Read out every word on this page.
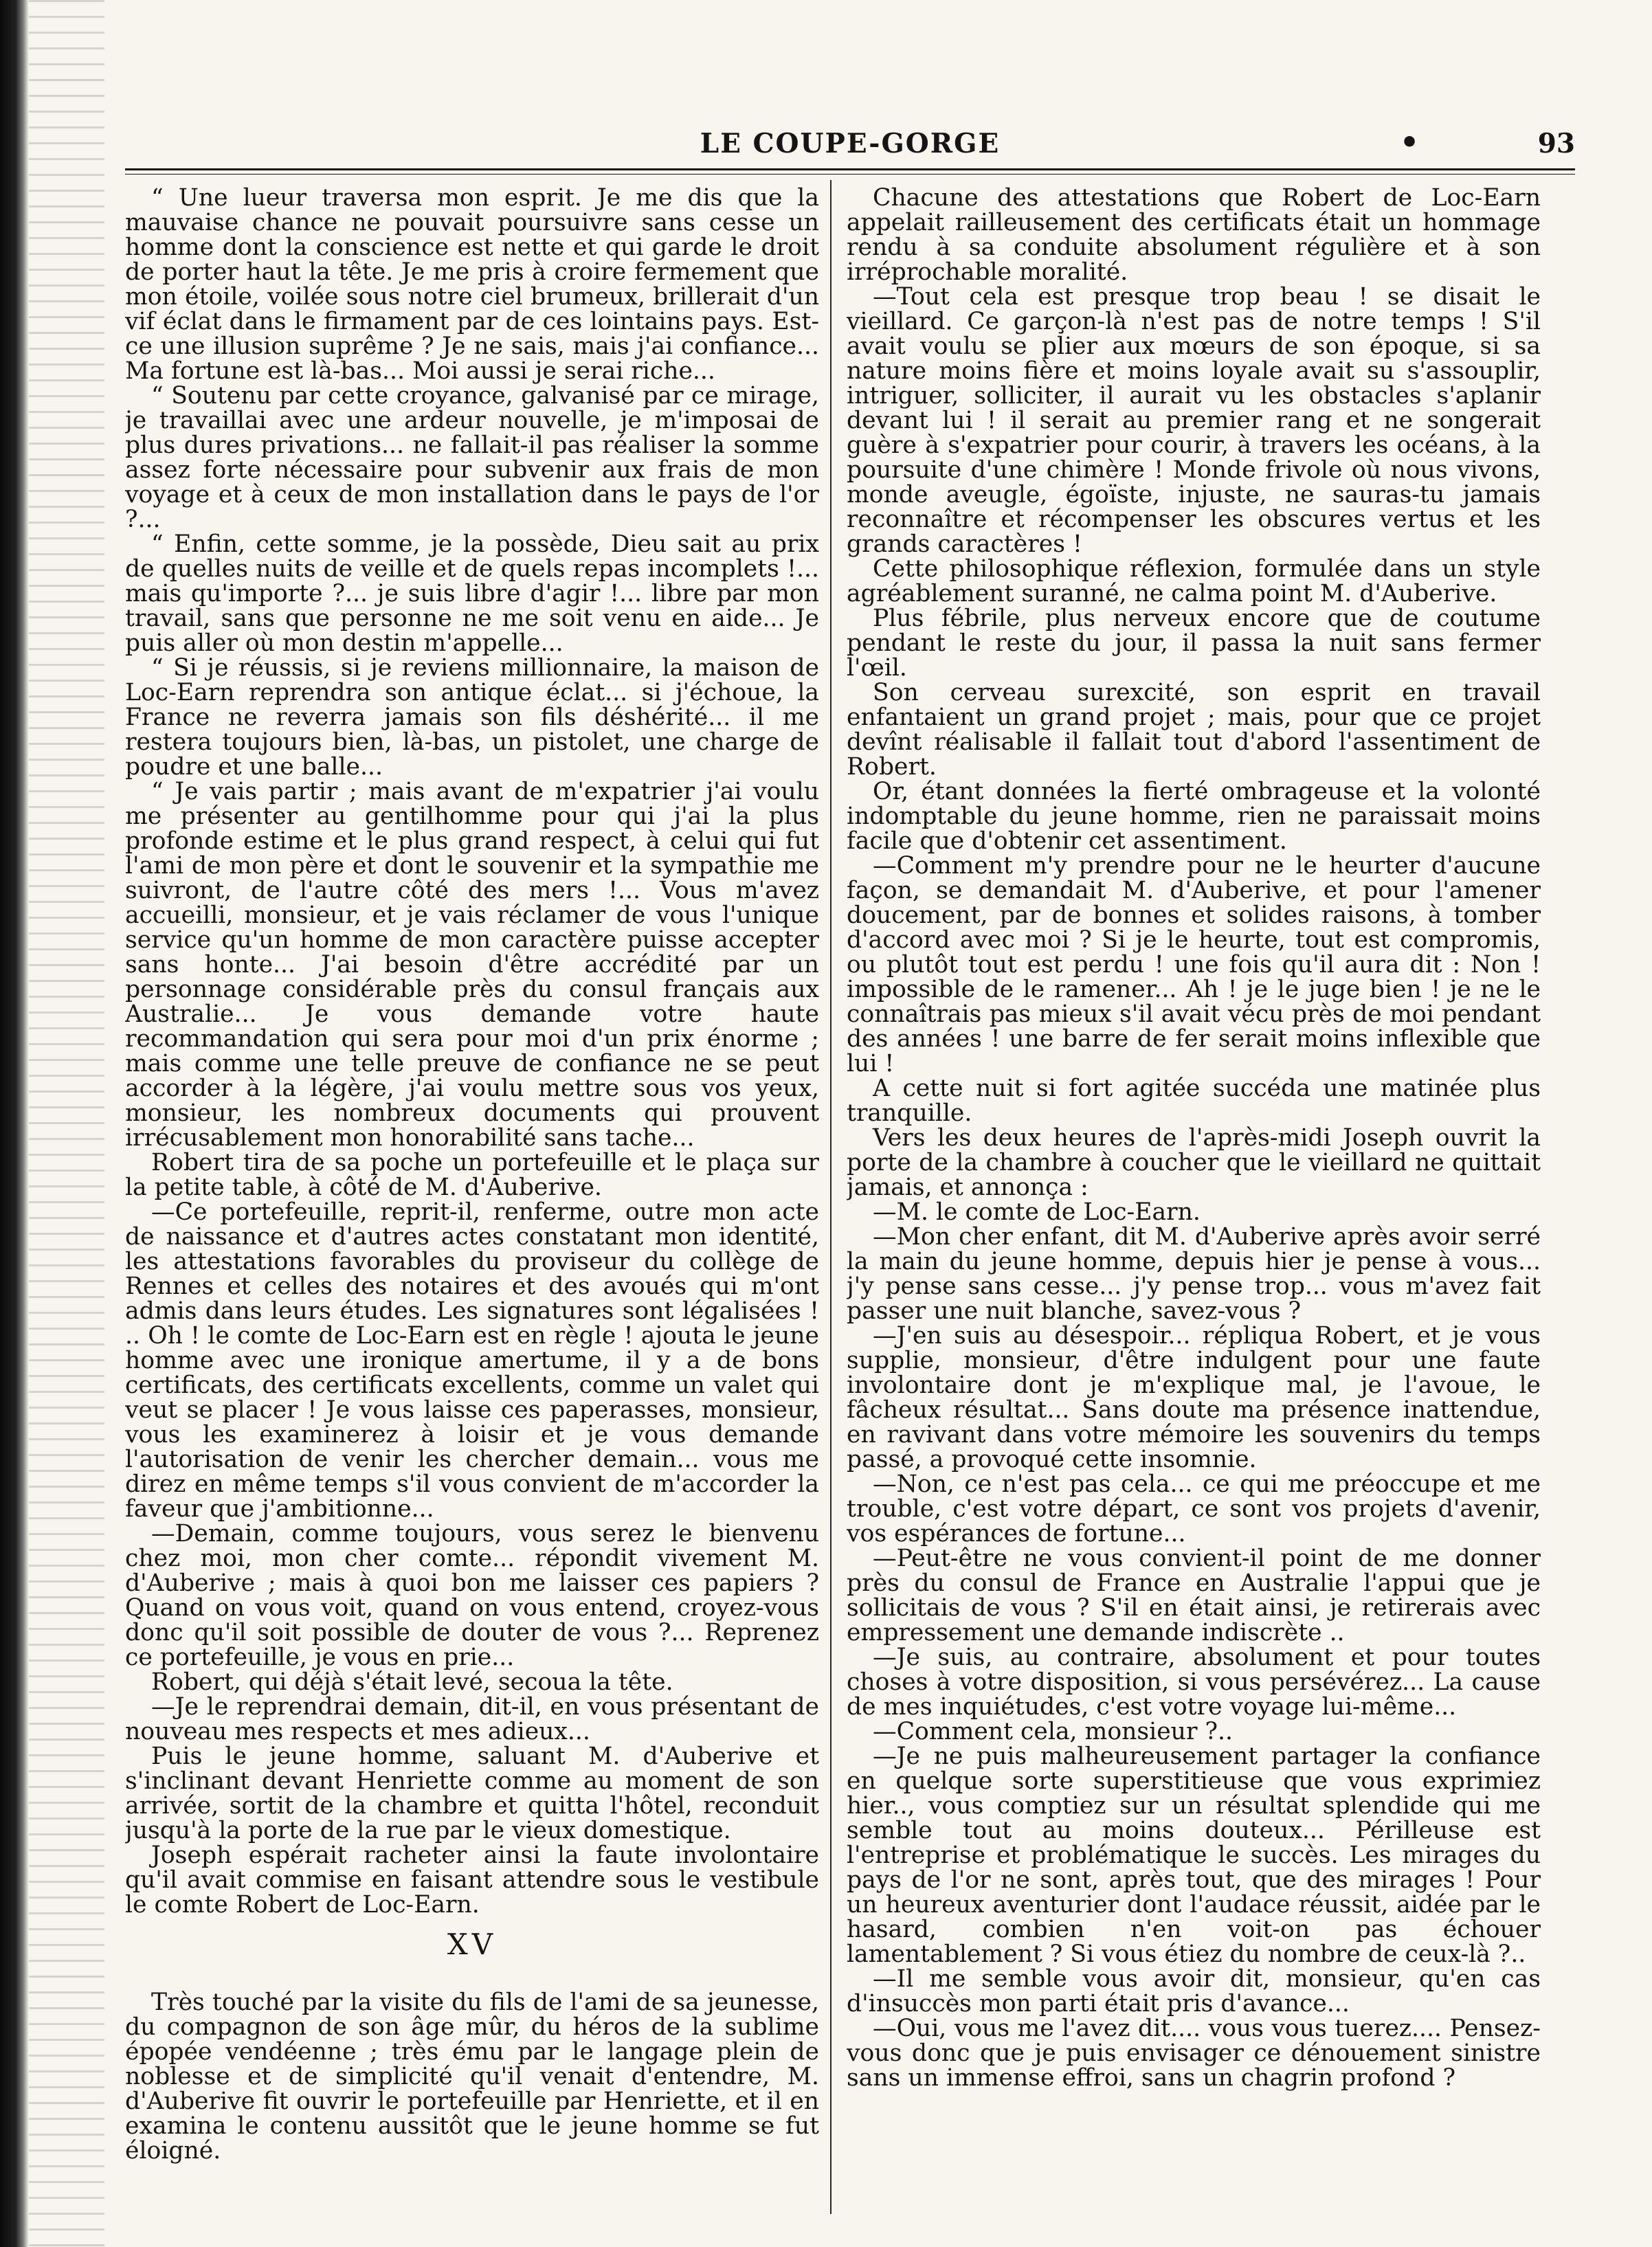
LE COUPE-GORGE	•	93

“ Une lueur traversa mon esprit. Je me dis que la mauvaise chance ne pouvait poursuivre sans cesse un homme dont la conscience est nette et qui garde le droit de porter haut la tête. Je me pris à croire fermement que mon étoile, voilée sous notre ciel brumeux, brillerait d'un vif éclat dans le firmament par de ces lointains pays. Est-ce une illusion suprême ? Je ne sais, mais j'ai confiance... Ma fortune est là-bas... Moi aussi je serai riche...

“ Soutenu par cette croyance, galvanisé par ce mirage, je travaillai avec une ardeur nouvelle, je m'imposai de plus dures privations... ne fallait-il pas réaliser la somme assez forte nécessaire pour subvenir aux frais de mon voyage et à ceux de mon installation dans le pays de l'or ?...

“ Enfin, cette somme, je la possède, Dieu sait au prix de quelles nuits de veille et de quels repas incomplets !... mais qu'importe ?... je suis libre d'agir !... libre par mon travail, sans que personne ne me soit venu en aide... Je puis aller où mon destin m'appelle...

“ Si je réussis, si je reviens millionnaire, la maison de Loc-Earn reprendra son antique éclat... si j'échoue, la France ne reverra jamais son fils déshérité... il me restera toujours bien, là-bas, un pistolet, une charge de poudre et une balle...

“ Je vais partir ; mais avant de m'expatrier j'ai voulu me présenter au gentilhomme pour qui j'ai la plus profonde estime et le plus grand respect, à celui qui fut l'ami de mon père et dont le souvenir et la sympathie me suivront, de l'autre côté des mers !... Vous m'avez accueilli, monsieur, et je vais réclamer de vous l'unique service qu'un homme de mon caractère puisse accepter sans honte... J'ai besoin d'être accrédité par un personnage considérable près du consul français aux Australie... Je vous demande votre haute recommandation qui sera pour moi d'un prix énorme ; mais comme une telle preuve de confiance ne se peut accorder à la légère, j'ai voulu mettre sous vos yeux, monsieur, les nombreux documents qui prouvent irrécusablement mon honorabilité sans tache...

Robert tira de sa poche un portefeuille et le plaça sur la petite table, à côté de M. d'Auberive.

—Ce portefeuille, reprit-il, renferme, outre mon acte de naissance et d'autres actes constatant mon identité, les attestations favorables du proviseur du collège de Rennes et celles des notaires et des avoués qui m'ont admis dans leurs études. Les signatures sont légalisées ! .. Oh ! le comte de Loc-Earn est en règle ! ajouta le jeune homme avec une ironique amertume, il y a de bons certificats, des certificats excellents, comme un valet qui veut se placer ! Je vous laisse ces paperasses, monsieur, vous les examinerez à loisir et je vous demande l'autorisation de venir les chercher demain... vous me direz en même temps s'il vous convient de m'accorder la faveur que j'ambitionne...

—Demain, comme toujours, vous serez le bienvenu chez moi, mon cher comte... répondit vivement M. d'Auberive ; mais à quoi bon me laisser ces papiers ? Quand on vous voit, quand on vous entend, croyez-vous donc qu'il soit possible de douter de vous ?... Reprenez ce portefeuille, je vous en prie...

Robert, qui déjà s'était levé, secoua la tête.

—Je le reprendrai demain, dit-il, en vous présentant de nouveau mes respects et mes adieux...

Puis le jeune homme, saluant M. d'Auberive et s'inclinant devant Henriette comme au moment de son arrivée, sortit de la chambre et quitta l'hôtel, reconduit jusqu'à la porte de la rue par le vieux domestique.

Joseph espérait racheter ainsi la faute involontaire qu'il avait commise en faisant attendre sous le vestibule le comte Robert de Loc-Earn.

XV

Très touché par la visite du fils de l'ami de sa jeunesse, du compagnon de son âge mûr, du héros de la sublime épopée vendéenne ; très ému par le langage plein de noblesse et de simplicité qu'il venait d'entendre, M. d'Auberive fit ouvrir le portefeuille par Henriette, et il en examina le contenu aussitôt que le jeune homme se fut éloigné.

Chacune des attestations que Robert de Loc-Earn appelait railleusement des certificats était un hommage rendu à sa conduite absolument régulière et à son irréprochable moralité.

—Tout cela est presque trop beau ! se disait le vieillard. Ce garçon-là n'est pas de notre temps ! S'il avait voulu se plier aux mœurs de son époque, si sa nature moins fière et moins loyale avait su s'assouplir, intriguer, solliciter, il aurait vu les obstacles s'aplanir devant lui ! il serait au premier rang et ne songerait guère à s'expatrier pour courir, à travers les océans, à la poursuite d'une chimère ! Monde frivole où nous vivons, monde aveugle, égoïste, injuste, ne sauras-tu jamais reconnaître et récompenser les obscures vertus et les grands caractères !

Cette philosophique réflexion, formulée dans un style agréablement suranné, ne calma point M. d'Auberive.

Plus fébrile, plus nerveux encore que de coutume pendant le reste du jour, il passa la nuit sans fermer l'œil.

Son cerveau surexcité, son esprit en travail enfantaient un grand projet ; mais, pour que ce projet devînt réalisable il fallait tout d'abord l'assentiment de Robert.

Or, étant données la fierté ombrageuse et la volonté indomptable du jeune homme, rien ne paraissait moins facile que d'obtenir cet assentiment.

—Comment m'y prendre pour ne le heurter d'aucune façon, se demandait M. d'Auberive, et pour l'amener doucement, par de bonnes et solides raisons, à tomber d'accord avec moi ? Si je le heurte, tout est compromis, ou plutôt tout est perdu ! une fois qu'il aura dit : Non ! impossible de le ramener... Ah ! je le juge bien ! je ne le connaîtrais pas mieux s'il avait vécu près de moi pendant des années ! une barre de fer serait moins inflexible que lui !

A cette nuit si fort agitée succéda une matinée plus tranquille.

Vers les deux heures de l'après-midi Joseph ouvrit la porte de la chambre à coucher que le vieillard ne quittait jamais, et annonça :

—M. le comte de Loc-Earn.

—Mon cher enfant, dit M. d'Auberive après avoir serré la main du jeune homme, depuis hier je pense à vous... j'y pense sans cesse... j'y pense trop... vous m'avez fait passer une nuit blanche, savez-vous ?

—J'en suis au désespoir... répliqua Robert, et je vous supplie, monsieur, d'être indulgent pour une faute involontaire dont je m'explique mal, je l'avoue, le fâcheux résultat... Sans doute ma présence inattendue, en ravivant dans votre mémoire les souvenirs du temps passé, a provoqué cette insomnie.

—Non, ce n'est pas cela... ce qui me préoccupe et me trouble, c'est votre départ, ce sont vos projets d'avenir, vos espérances de fortune...

—Peut-être ne vous convient-il point de me donner près du consul de France en Australie l'appui que je sollicitais de vous ? S'il en était ainsi, je retirerais avec empressement une demande indiscrète ..

—Je suis, au contraire, absolument et pour toutes choses à votre disposition, si vous persévérez... La cause de mes inquiétudes, c'est votre voyage lui-même...

—Comment cela, monsieur ?..

—Je ne puis malheureusement partager la confiance en quelque sorte superstitieuse que vous exprimiez hier.., vous comptiez sur un résultat splendide qui me semble tout au moins douteux... Périlleuse est l'entreprise et problématique le succès. Les mirages du pays de l'or ne sont, après tout, que des mirages ! Pour un heureux aventurier dont l'audace réussit, aidée par le hasard, combien n'en voit-on pas échouer lamentablement ? Si vous étiez du nombre de ceux-là ?..

—Il me semble vous avoir dit, monsieur, qu'en cas d'insuccès mon parti était pris d'avance...

—Oui, vous me l'avez dit.... vous vous tuerez.... Pensez-vous donc que je puis envisager ce dénouement sinistre sans un immense effroi, sans un chagrin profond ?
